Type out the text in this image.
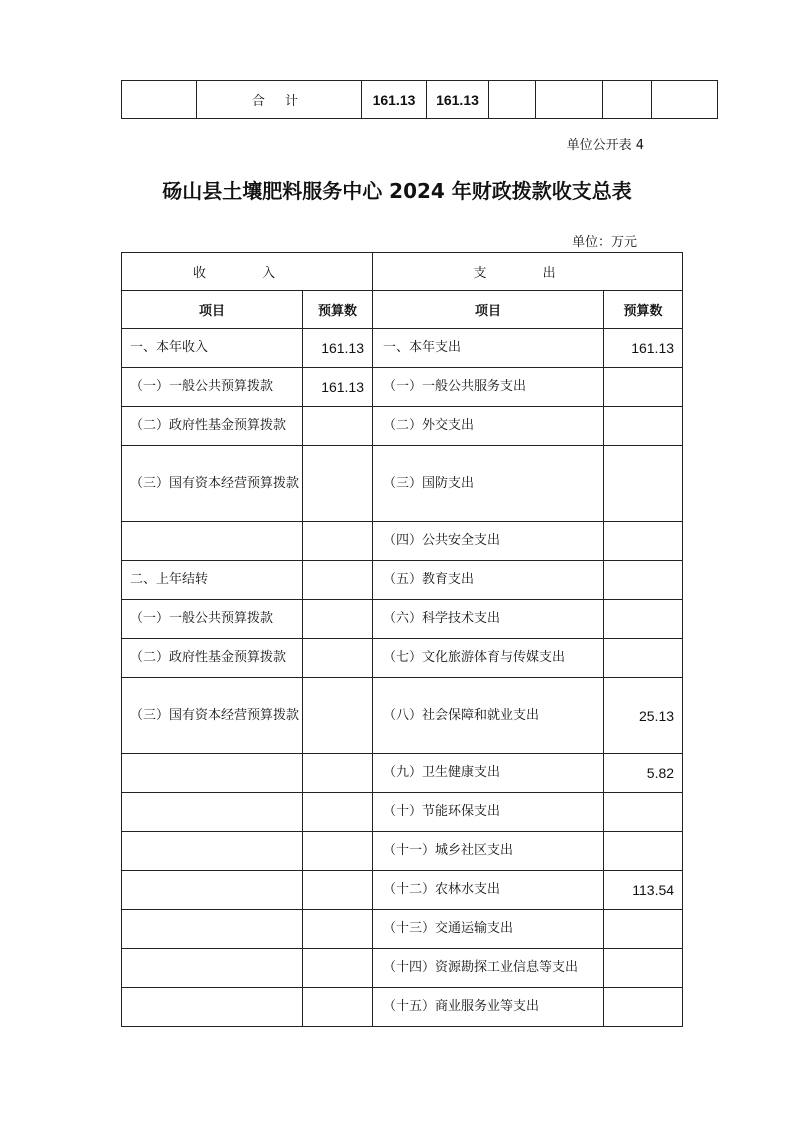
	合 计	161.13	161.13				
单位公开表 4
砀山县土壤肥料服务中心 2024 年财政拨款收支总表
单位：万元
收 入		支 出	
项目	预算数	项目	预算数
一、本年收入	161.13	一、本年支出	161.13
（一）一般公共预算拨款	161.13	（一）一般公共服务支出	
（二）政府性基金预算拨款		（二）外交支出	
（三）国有资本经营预算拨款		（三）国防支出	
		（四）公共安全支出	
二、上年结转		（五）教育支出	
（一）一般公共预算拨款		（六）科学技术支出	
（二）政府性基金预算拨款		（七）文化旅游体育与传媒支出	
（三）国有资本经营预算拨款		（八）社会保障和就业支出	25.13
		（九）卫生健康支出	5.82
		（十）节能环保支出	
		（十一）城乡社区支出	
		（十二）农林水支出	113.54
		（十三）交通运输支出	
		（十四）资源勘探工业信息等支出	
		（十五）商业服务业等支出	
